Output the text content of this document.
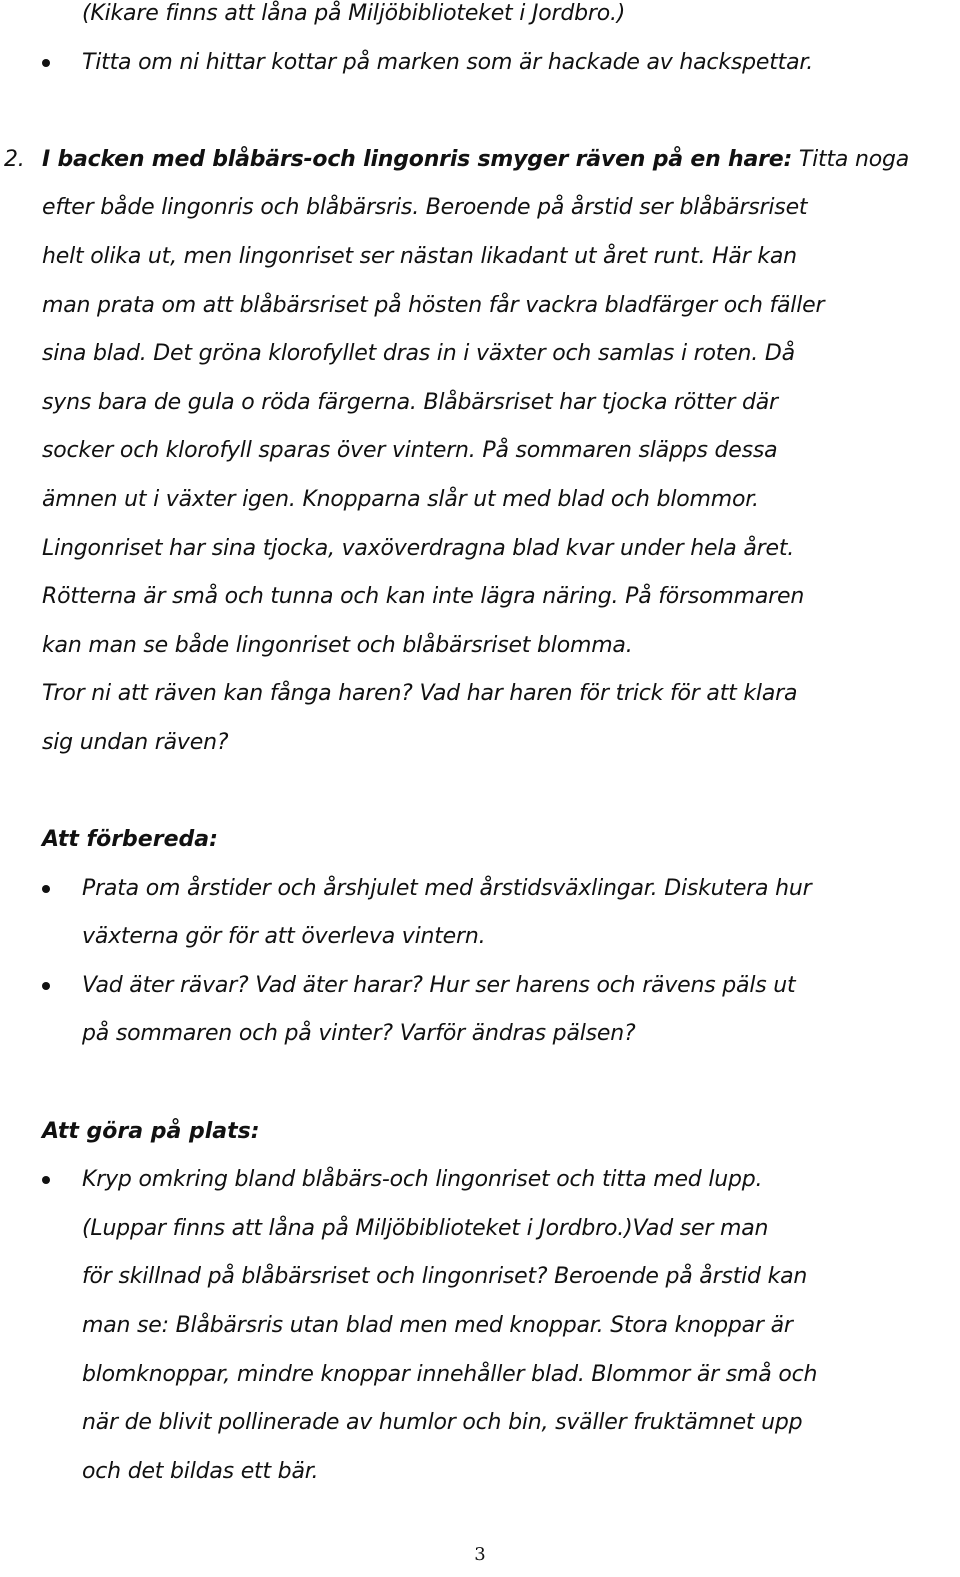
(Kikare finns att låna på Miljöbiblioteket i Jordbro.)
Titta om ni hittar kottar på marken som är hackade av hackspettar.
2. I backen med blåbärs-och lingonris smyger räven på en hare: Titta noga
efter både lingonris och blåbärsris. Beroende på årstid ser blåbärsriset
helt olika ut, men lingonriset ser nästan likadant ut året runt. Här kan
man prata om att blåbärsriset på hösten får vackra bladfärger och fäller
sina blad. Det gröna klorofyllet dras in i växter och samlas i roten. Då
syns bara de gula o röda färgerna. Blåbärsriset har tjocka rötter där
socker och klorofyll sparas över vintern. På sommaren släpps dessa
ämnen ut i växter igen. Knopparna slår ut med blad och blommor.
Lingonriset har sina tjocka, vaxöverdragna blad kvar under hela året.
Rötterna är små och tunna och kan inte lägra näring. På försommaren
kan man se både lingonriset och blåbärsriset blomma.
Tror ni att räven kan fånga haren? Vad har haren för trick för att klara
sig undan räven?
Att förbereda:
Prata om årstider och årshjulet med årstidsväxlingar. Diskutera hur
växterna gör för att överleva vintern.
Vad äter rävar? Vad äter harar? Hur ser harens och rävens päls ut
på sommaren och på vinter? Varför ändras pälsen?
Att göra på plats:
Kryp omkring bland blåbärs-och lingonriset och titta med lupp.
(Luppar finns att låna på Miljöbiblioteket i Jordbro.)Vad ser man
för skillnad på blåbärsriset och lingonriset? Beroende på årstid kan
man se: Blåbärsris utan blad men med knoppar. Stora knoppar är
blomknoppar, mindre knoppar innehåller blad. Blommor är små och
när de blivit pollinerade av humlor och bin, sväller fruktämnet upp
och det bildas ett bär.
3
